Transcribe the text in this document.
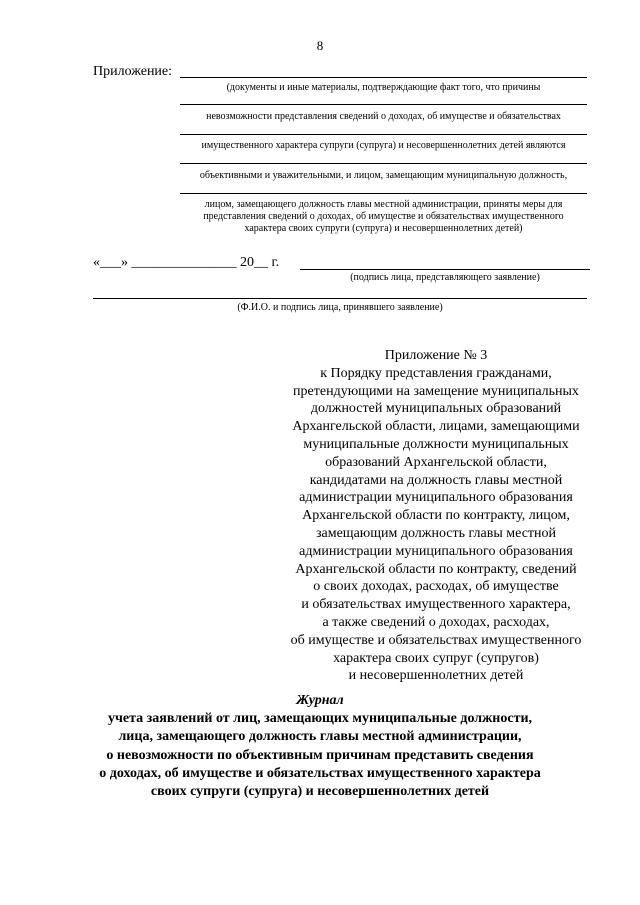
8
Приложение:
(документы и иные материалы, подтверждающие факт того, что причины
невозможности представления сведений о доходах, об имуществе и обязательствах
имущественного характера супруги (супруга) и несовершеннолетних детей являются
объективными и уважительными, и лицом, замещающим муниципальную должность,
лицом, замещающего должность главы местной администрации, приняты меры для
представления сведений о доходах, об имуществе и обязательствах имущественного
характера своих супруги (супруга) и несовершеннолетних детей)
«___» _______________ 20__ г.
(подпись лица, представляющего заявление)
(Ф.И.О. и подпись лица, принявшего заявление)
Приложение № 3
к Порядку представления гражданами,
претендующими на замещение муниципальных
должностей муниципальных образований
Архангельской области, лицами, замещающими
муниципальные должности муниципальных
образований Архангельской области,
кандидатами на должность главы местной
администрации муниципального образования
Архангельской области по контракту, лицом,
замещающим должность главы местной
администрации муниципального образования
Архангельской области по контракту, сведений
о своих доходах, расходах, об имуществе
и обязательствах имущественного характера,
а также сведений о доходах, расходах,
об имуществе и обязательствах имущественного
характера своих супруг (супругов)
и несовершеннолетних детей
Журнал
учета заявлений от лиц, замещающих муниципальные должности,
лица, замещающего должность главы местной администрации,
о невозможности по объективным причинам представить сведения
о доходах, об имуществе и обязательствах имущественного характера
своих супруги (супруга) и несовершеннолетних детей
